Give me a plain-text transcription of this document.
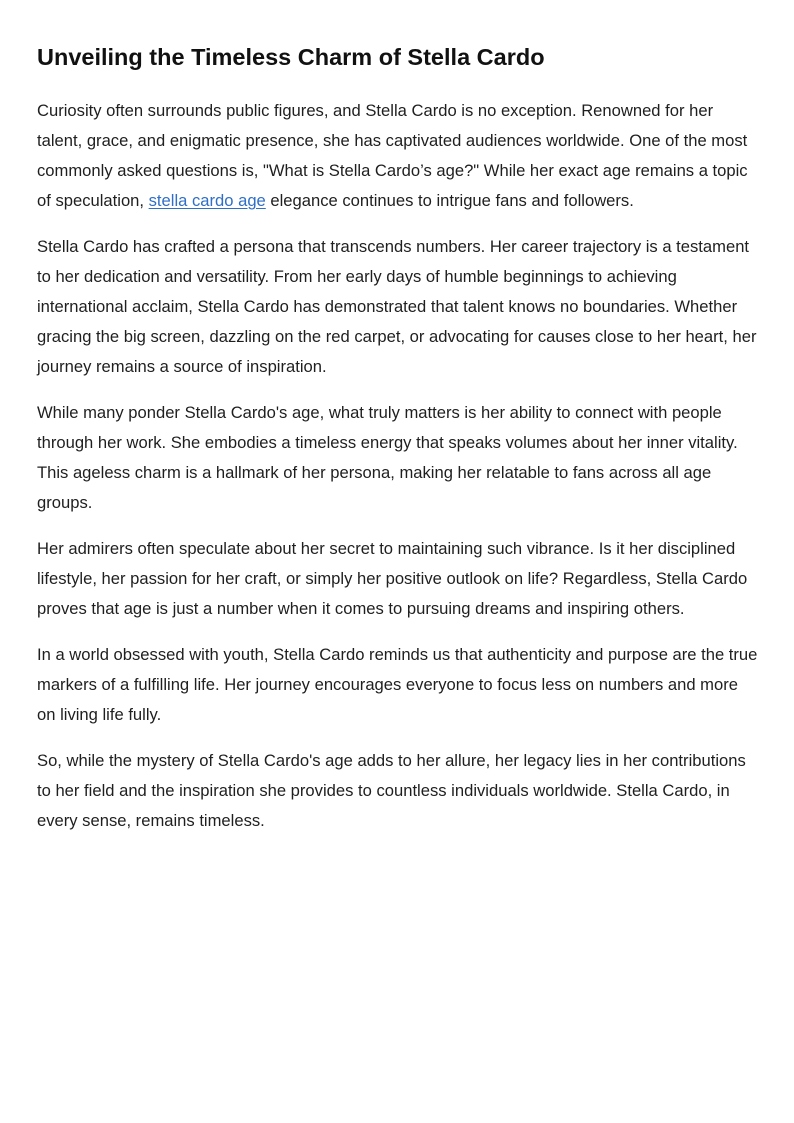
Unveiling the Timeless Charm of Stella Cardo

Curiosity often surrounds public figures, and Stella Cardo is no exception. Renowned for her talent, grace, and enigmatic presence, she has captivated audiences worldwide. One of the most commonly asked questions is, "What is Stella Cardo’s age?" While her exact age remains a topic of speculation, stella cardo age elegance continues to intrigue fans and followers.

Stella Cardo has crafted a persona that transcends numbers. Her career trajectory is a testament to her dedication and versatility. From her early days of humble beginnings to achieving international acclaim, Stella Cardo has demonstrated that talent knows no boundaries. Whether gracing the big screen, dazzling on the red carpet, or advocating for causes close to her heart, her journey remains a source of inspiration.

While many ponder Stella Cardo's age, what truly matters is her ability to connect with people through her work. She embodies a timeless energy that speaks volumes about her inner vitality. This ageless charm is a hallmark of her persona, making her relatable to fans across all age groups.

Her admirers often speculate about her secret to maintaining such vibrance. Is it her disciplined lifestyle, her passion for her craft, or simply her positive outlook on life? Regardless, Stella Cardo proves that age is just a number when it comes to pursuing dreams and inspiring others.

In a world obsessed with youth, Stella Cardo reminds us that authenticity and purpose are the true markers of a fulfilling life. Her journey encourages everyone to focus less on numbers and more on living life fully.

So, while the mystery of Stella Cardo's age adds to her allure, her legacy lies in her contributions to her field and the inspiration she provides to countless individuals worldwide. Stella Cardo, in every sense, remains timeless.
